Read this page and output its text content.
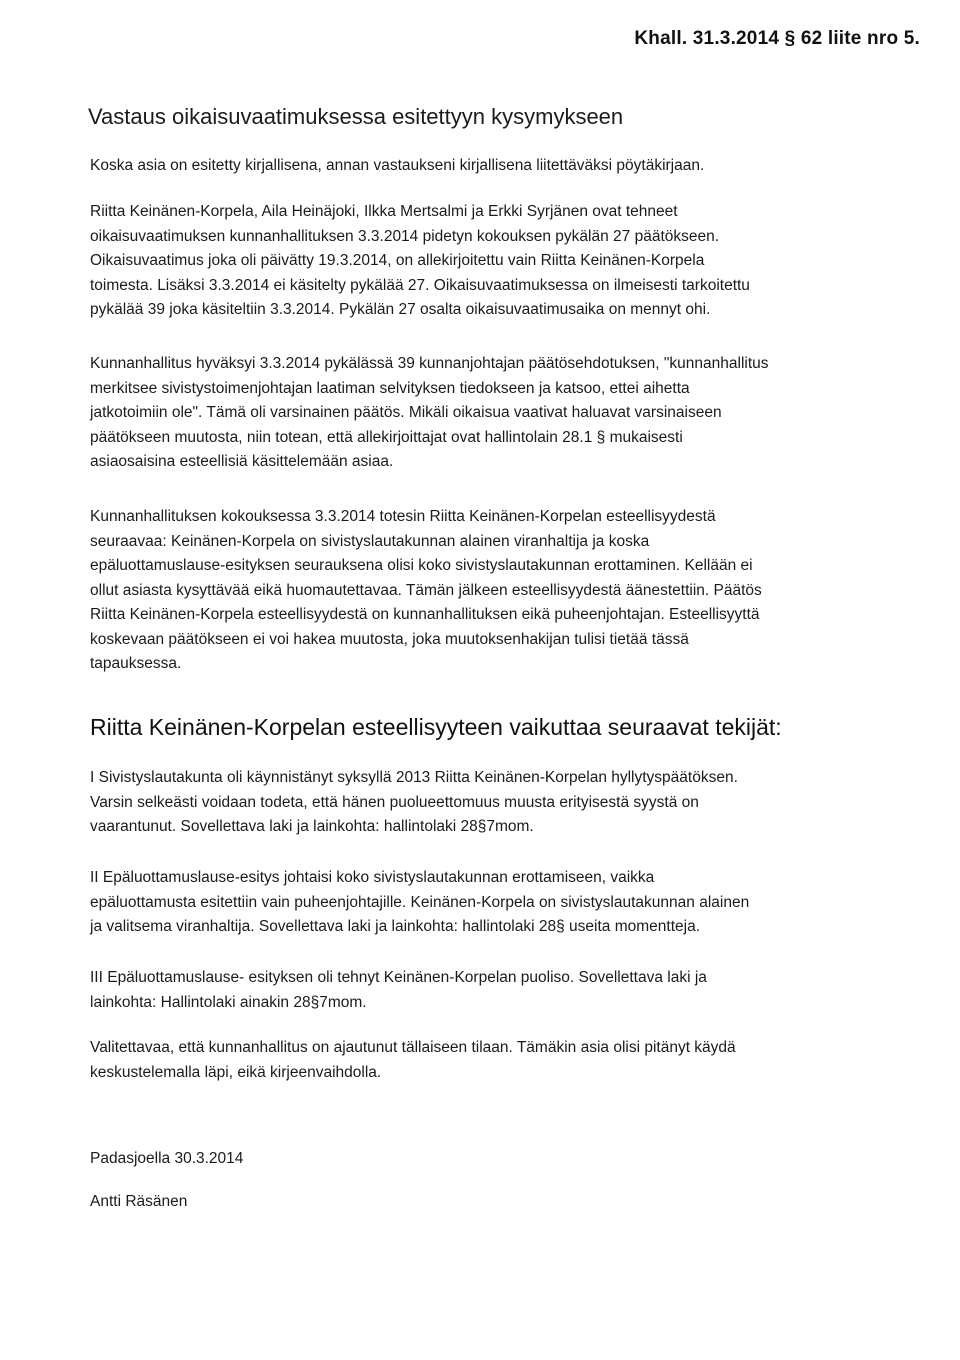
Khall. 31.3.2014 § 62 liite nro 5.
Vastaus oikaisuvaatimuksessa esitettyyn kysymykseen

Koska asia on esitetty kirjallisena, annan vastaukseni kirjallisena liitettäväksi pöytäkirjaan.

Riitta Keinänen-Korpela, Aila Heinäjoki, Ilkka Mertsalmi ja Erkki Syrjänen ovat tehneet
oikaisuvaatimuksen kunnanhallituksen 3.3.2014 pidetyn kokouksen pykälän 27 päätökseen.
Oikaisuvaatimus joka oli päivätty 19.3.2014, on allekirjoitettu vain Riitta Keinänen-Korpela
toimesta. Lisäksi 3.3.2014 ei käsitelty pykälää 27. Oikaisuvaatimuksessa on ilmeisesti tarkoitettu
pykälää 39 joka käsiteltiin 3.3.2014. Pykälän 27 osalta oikaisuvaatimusaika on mennyt ohi.

Kunnanhallitus hyväksyi 3.3.2014 pykälässä 39 kunnanjohtajan päätösehdotuksen, "kunnanhallitus
merkitsee sivistystoimenjohtajan laatiman selvityksen tiedokseen ja katsoo, ettei aihetta
jatkotoimiin ole". Tämä oli varsinainen päätös. Mikäli oikaisua vaativat haluavat varsinaiseen
päätökseen muutosta, niin totean, että allekirjoittajat ovat hallintolain 28.1 § mukaisesti
asiaosaisina esteellisiä käsittelemään asiaa.

Kunnanhallituksen kokouksessa 3.3.2014 totesin Riitta Keinänen-Korpelan esteellisyydestä
seuraavaa: Keinänen-Korpela on sivistyslautakunnan alainen viranhaltija ja koska
epäluottamuslause-esityksen seurauksena olisi koko sivistyslautakunnan erottaminen. Kellään ei
ollut asiasta kysyttävää eikä huomautettavaa. Tämän jälkeen esteellisyydestä äänestettiin. Päätös
Riitta Keinänen-Korpela esteellisyydestä on kunnanhallituksen eikä puheenjohtajan. Esteellisyyttä
koskevaan päätökseen ei voi hakea muutosta, joka muutoksenhakijan tulisi tietää tässä
tapauksessa.

Riitta Keinänen-Korpelan esteellisyyteen vaikuttaa seuraavat tekijät:

I Sivistyslautakunta oli käynnistänyt syksyllä 2013 Riitta Keinänen-Korpelan hyllytyspäätöksen.
Varsin selkeästi voidaan todeta, että hänen puolueettomuus muusta erityisestä syystä on
vaarantunut. Sovellettava laki ja lainkohta: hallintolaki 28§7mom.

II Epäluottamuslause-esitys johtaisi koko sivistyslautakunnan erottamiseen, vaikka
epäluottamusta esitettiin vain puheenjohtajille. Keinänen-Korpela on sivistyslautakunnan alainen
ja valitsema viranhaltija. Sovellettava laki ja lainkohta: hallintolaki 28§ useita momentteja.

III Epäluottamuslause- esityksen oli tehnyt Keinänen-Korpelan puoliso. Sovellettava laki ja
lainkohta: Hallintolaki ainakin 28§7mom.

Valitettavaa, että kunnanhallitus on ajautunut tällaiseen tilaan. Tämäkin asia olisi pitänyt käydä
keskustelemalla läpi, eikä kirjeenvaihdolla.

Padasjoella 30.3.2014
Antti Räsänen
